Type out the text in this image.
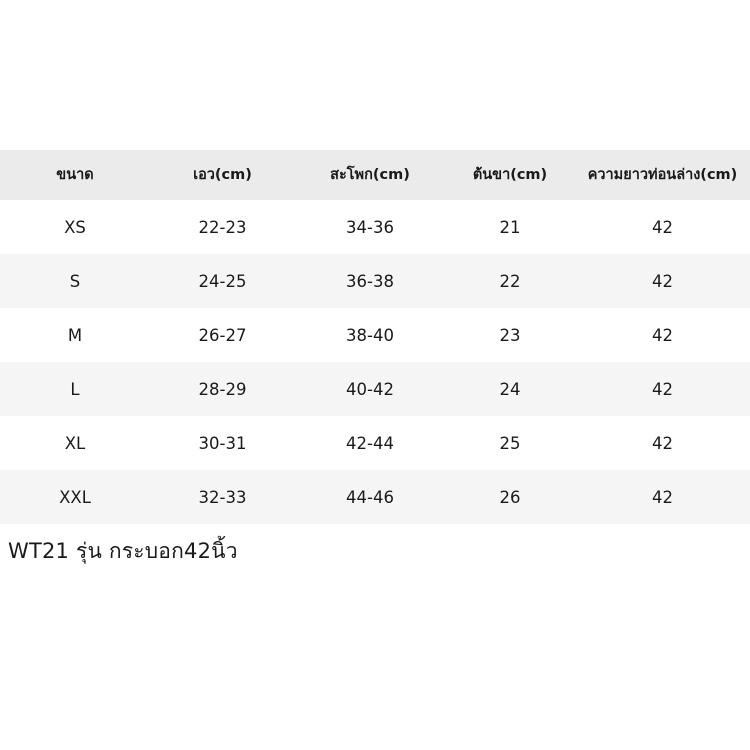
ขนาด	เอว(cm)	สะโพก(cm)	ต้นขา(cm)	ความยาวท่อนล่าง(cm)
XS	22-23	34-36	21	42
S	24-25	36-38	22	42
M	26-27	38-40	23	42
L	28-29	40-42	24	42
XL	30-31	42-44	25	42
XXL	32-33	44-46	26	42
WT21 รุ่น กระบอก42นิ้ว
